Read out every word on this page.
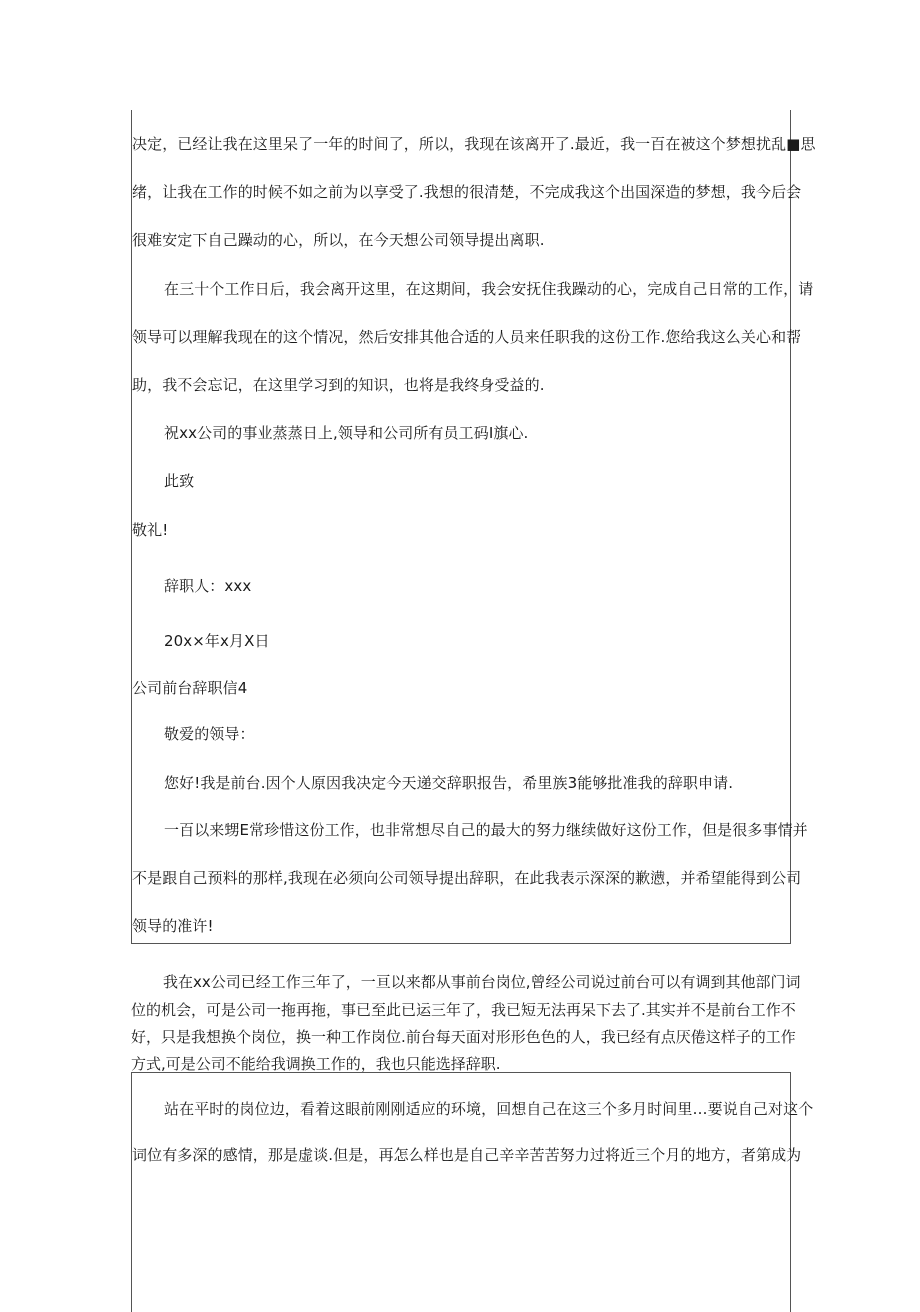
决定，已经让我在这里呆了一年的时间了，所以，我现在该离开了.最近，我一百在被这个梦想扰乱■思
绪，让我在工作的时候不如之前为以享受了.我想的很清楚，不完成我这个出国深造的梦想，我今后会
很难安定下自己躁动的心，所以，在今天想公司领导提出离职.
在三十个工作日后，我会离开这里，在这期间，我会安抚住我躁动的心，完成自己日常的工作，请
领导可以理解我现在的这个情况，然后安排其他合适的人员来任职我的这份工作.您给我这么关心和帮
助，我不会忘记，在这里学习到的知识，也将是我终身受益的.
祝xx公司的事业蒸蒸日上,领导和公司所有员工码I旗心.
此致
敬礼!
辞职人：xxx
20x×年x月X日
公司前台辞职信4
敬爱的领导：
您好!我是前台.因个人原因我决定今天递交辞职报告，希里族3能够批准我的辞职申请.
一百以来甥E常珍惜这份工作，也非常想尽自己的最大的努力继续做好这份工作，但是很多事情并
不是跟自己预料的那样,我现在必须向公司领导提出辞职，在此我表示深深的歉懑，并希望能得到公司
领导的准许!
我在xx公司已经工作三年了，一亘以来都从事前台岗位,曾经公司说过前台可以有调到其他部门词
位的机会，可是公司一拖再拖，事已至此已运三年了，我已短无法再呆下去了.其实并不是前台工作不
好，只是我想换个岗位，换一种工作岗位.前台每天面对形形色色的人，我已经有点厌倦这样子的工作
方式,可是公司不能给我调换工作的，我也只能选择辞职.
站在平时的岗位边，看着这眼前刚刚适应的环境，回想自己在这三个多月时间里…要说自己对这个
词位有多深的感情，那是虚谈.但是，再怎么样也是自己辛辛苦苦努力过将近三个月的地方，者第成为
